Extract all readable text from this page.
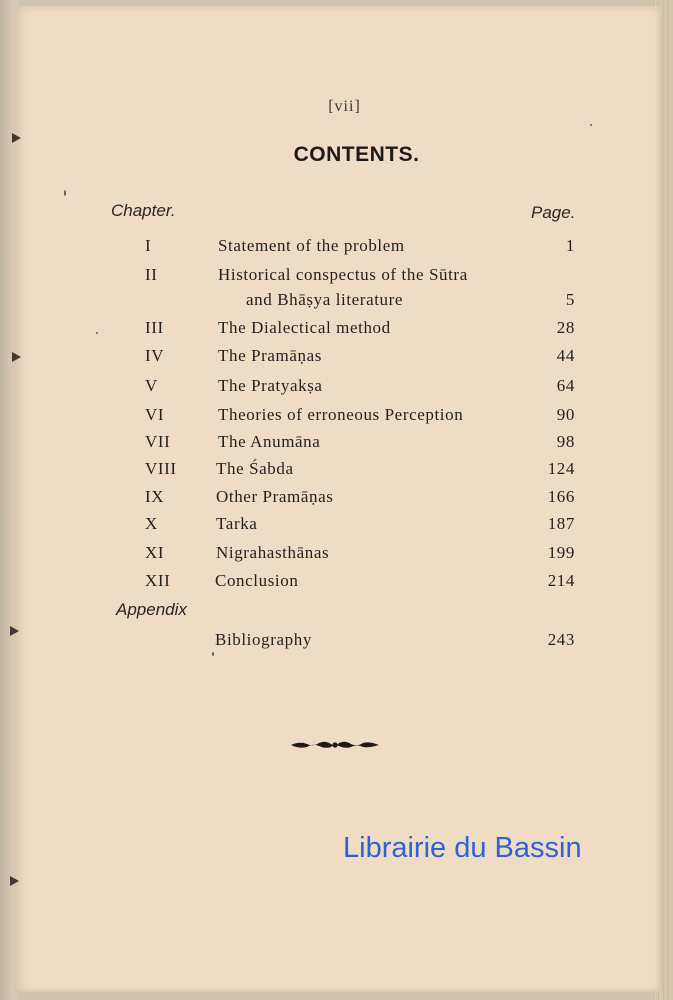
[vii]
CONTENTS.
Chapter.	Page.
I	Statement of the problem	1
II	Historical conspectus of the Sūtra
and Bhāṣya literature	5
III	The Dialectical method	28
IV	The Pramāṇas	44
V	The Pratyakṣa	64
VI	Theories of erroneous Perception	90
VII	The Anumāna	98
VIII	The Śabda	124
IX	Other Pramāṇas	166
X	Tarka	187
XI	Nigrahasthānas	199
XII	Conclusion	214
Appendix
Bibliography	243
Librairie du Bassin
